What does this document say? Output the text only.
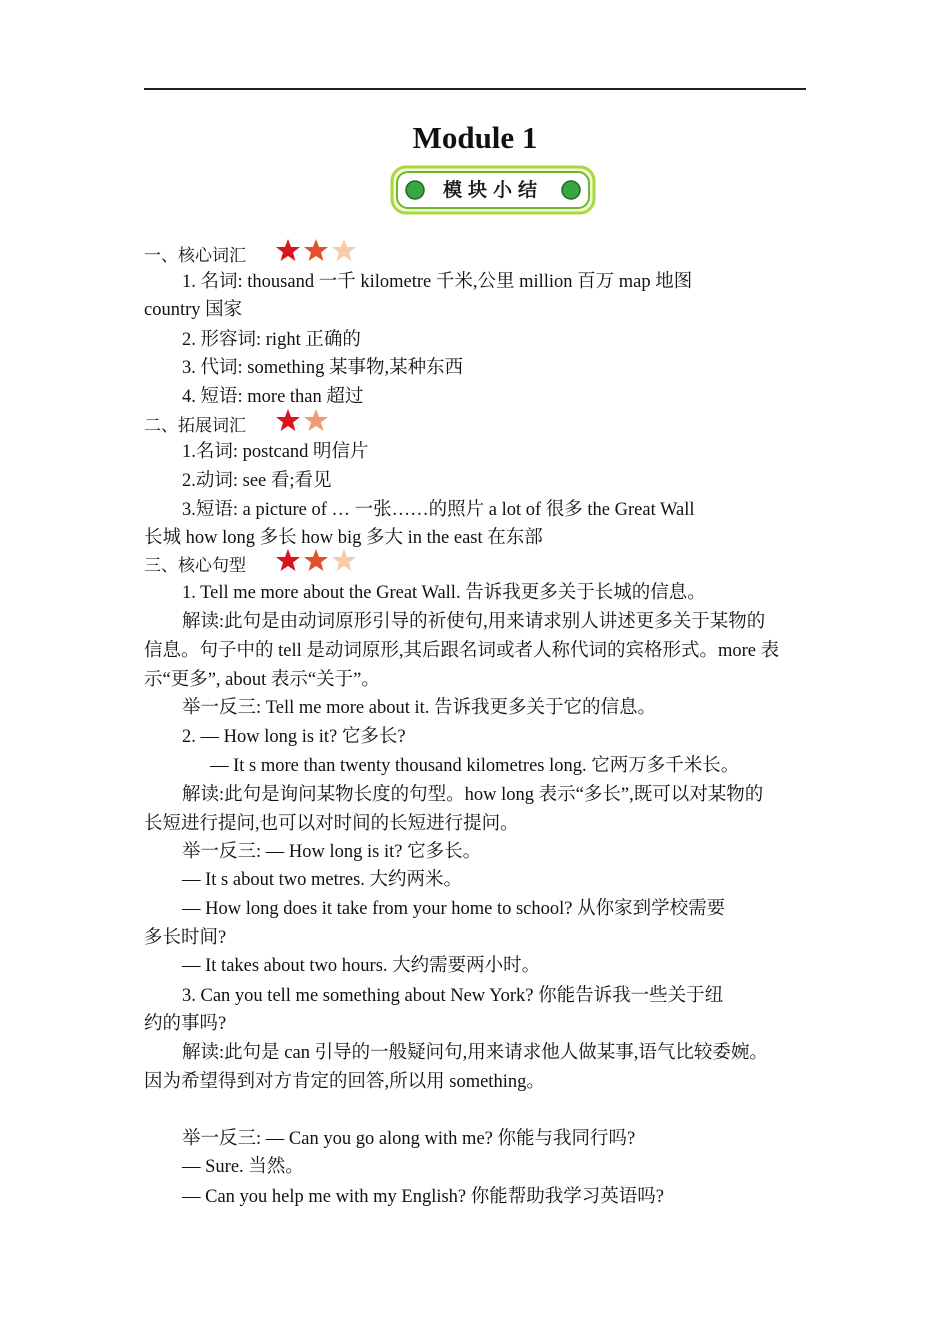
Module 1
模块小结
一、核心词汇
1. 名词: thousand 一千 kilometre 千米,公里 million 百万 map 地图
country 国家
2. 形容词: right 正确的
3. 代词: something 某事物,某种东西
4. 短语: more than 超过
二、拓展词汇
1.名词: postcand 明信片
2.动词: see 看;看见
3.短语: a picture of … 一张……的照片 a lot of 很多 the Great Wall
长城 how long 多长 how big 多大 in the east 在东部
三、核心句型
1. Tell me more about the Great Wall. 告诉我更多关于长城的信息。
解读:此句是由动词原形引导的祈使句,用来请求别人讲述更多关于某物的
信息。句子中的 tell 是动词原形,其后跟名词或者人称代词的宾格形式。more 表
示“更多”, about 表示“关于”。
举一反三: Tell me more about it. 告诉我更多关于它的信息。
2. — How long is it? 它多长?
— It s more than twenty thousand kilometres long. 它两万多千米长。
解读:此句是询问某物长度的句型。how long 表示“多长”,既可以对某物的
长短进行提问,也可以对时间的长短进行提问。
举一反三: — How long is it? 它多长。
— It s about two metres. 大约两米。
— How long does it take from your home to school? 从你家到学校需要
多长时间?
— It takes about two hours. 大约需要两小时。
3. Can you tell me something about New York? 你能告诉我一些关于纽
约的事吗?
解读:此句是 can 引导的一般疑问句,用来请求他人做某事,语气比较委婉。
因为希望得到对方肯定的回答,所以用 something。
举一反三: — Can you go along with me? 你能与我同行吗?
— Sure. 当然。
— Can you help me with my English? 你能帮助我学习英语吗?
